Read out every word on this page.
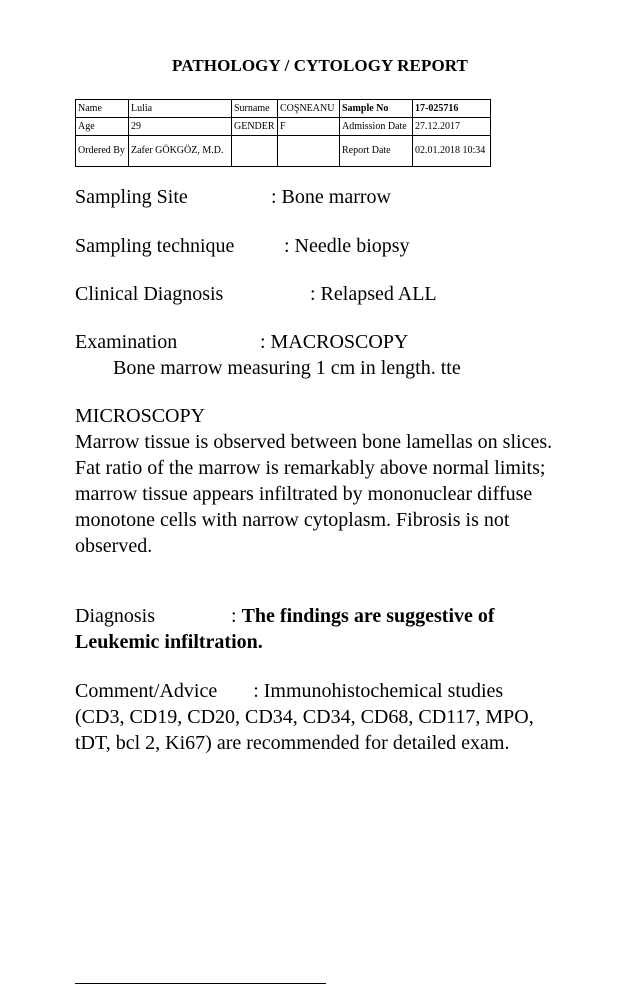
PATHOLOGY / CYTOLOGY REPORT
Name	Lulia	Surname	COŞNEANU	Sample No	17-025716
Age	29	GENDER	F	Admission Date	27.12.2017
Ordered By	Zafer GÖKGÖZ, M.D.			Report Date	02.01.2018 10:34
Sampling Site	: Bone marrow
Sampling technique : Needle biopsy
Clinical Diagnosis	: Relapsed ALL
Examination	: MACROSCOPY
Bone marrow measuring 1 cm in length. tte
MICROSCOPY
Marrow tissue is observed between bone lamellas on slices. Fat ratio of the marrow is remarkably above normal limits; marrow tissue appears infiltrated by mononuclear diffuse monotone cells with narrow cytoplasm. Fibrosis is not observed.
Diagnosis	: The findings are suggestive of Leukemic infiltration.
Comment/Advice : Immunohistochemical studies (CD3, CD19, CD20, CD34, CD34, CD68, CD117, MPO, tDT, bcl 2, Ki67) are recommended for detailed exam.
